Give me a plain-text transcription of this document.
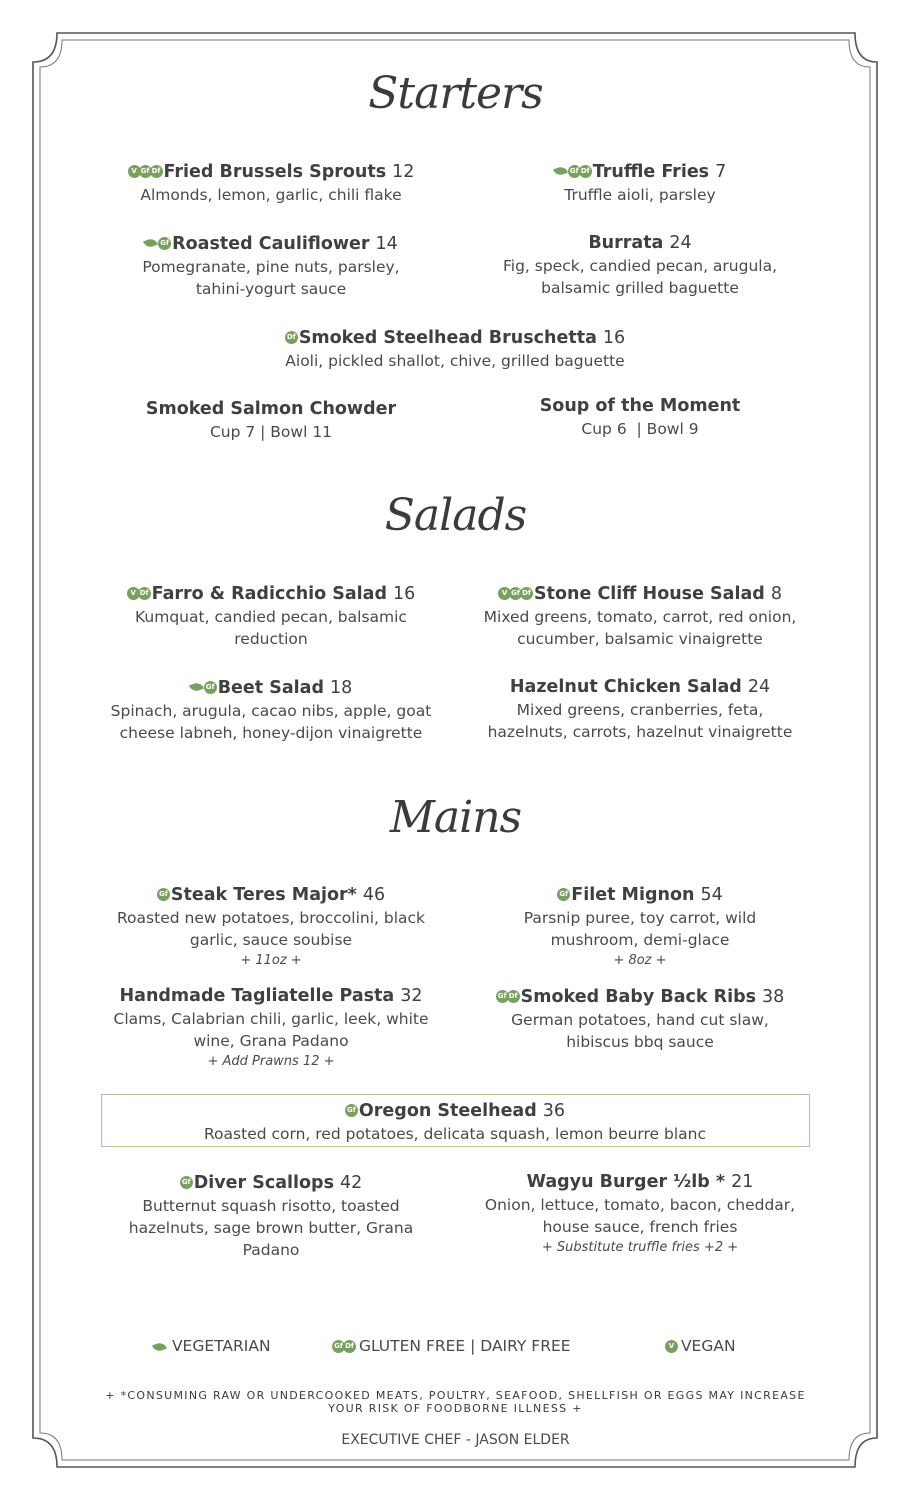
Starters
V Gf Df Fried Brussels Sprouts 12
Almonds, lemon, garlic, chili flake
Gf Df Truffle Fries 7
Truffle aioli, parsley
Gf Roasted Cauliflower 14
Pomegranate, pine nuts, parsley,
tahini-yogurt sauce
Burrata 24
Fig, speck, candied pecan, arugula,
balsamic grilled baguette
Df Smoked Steelhead Bruschetta 16
Aioli, pickled shallot, chive, grilled baguette
Smoked Salmon Chowder
Cup 7 | Bowl 11
Soup of the Moment
Cup 6  | Bowl 9
Salads
V Df Farro & Radicchio Salad 16
Kumquat, candied pecan, balsamic
reduction
V Gf Df Stone Cliff House Salad 8
Mixed greens, tomato, carrot, red onion,
cucumber, balsamic vinaigrette
Gf Beet Salad 18
Spinach, arugula, cacao nibs, apple, goat
cheese labneh, honey-dijon vinaigrette
Hazelnut Chicken Salad 24
Mixed greens, cranberries, feta,
hazelnuts, carrots, hazelnut vinaigrette
Mains
Gf Steak Teres Major* 46
Roasted new potatoes, broccolini, black
garlic, sauce soubise
+ 11oz +
Gf Filet Mignon 54
Parsnip puree, toy carrot, wild
mushroom, demi-glace
+ 8oz +
Handmade Tagliatelle Pasta 32
Clams, Calabrian chili, garlic, leek, white
wine, Grana Padano
+ Add Prawns 12 +
Gf Df Smoked Baby Back Ribs 38
German potatoes, hand cut slaw,
hibiscus bbq sauce
Gf Oregon Steelhead 36
Roasted corn, red potatoes, delicata squash, lemon beurre blanc
Gf Diver Scallops 42
Butternut squash risotto, toasted
hazelnuts, sage brown butter, Grana
Padano
Wagyu Burger ½lb * 21
Onion, lettuce, tomato, bacon, cheddar,
house sauce, french fries
+ Substitute truffle fries +2 +
VEGETARIAN	Gf Df GLUTEN FREE | DAIRY FREE	V VEGAN
+ *CONSUMING RAW OR UNDERCOOKED MEATS, POULTRY, SEAFOOD, SHELLFISH OR EGGS MAY INCREASE
YOUR RISK OF FOODBORNE ILLNESS +
EXECUTIVE CHEF - JASON ELDER
